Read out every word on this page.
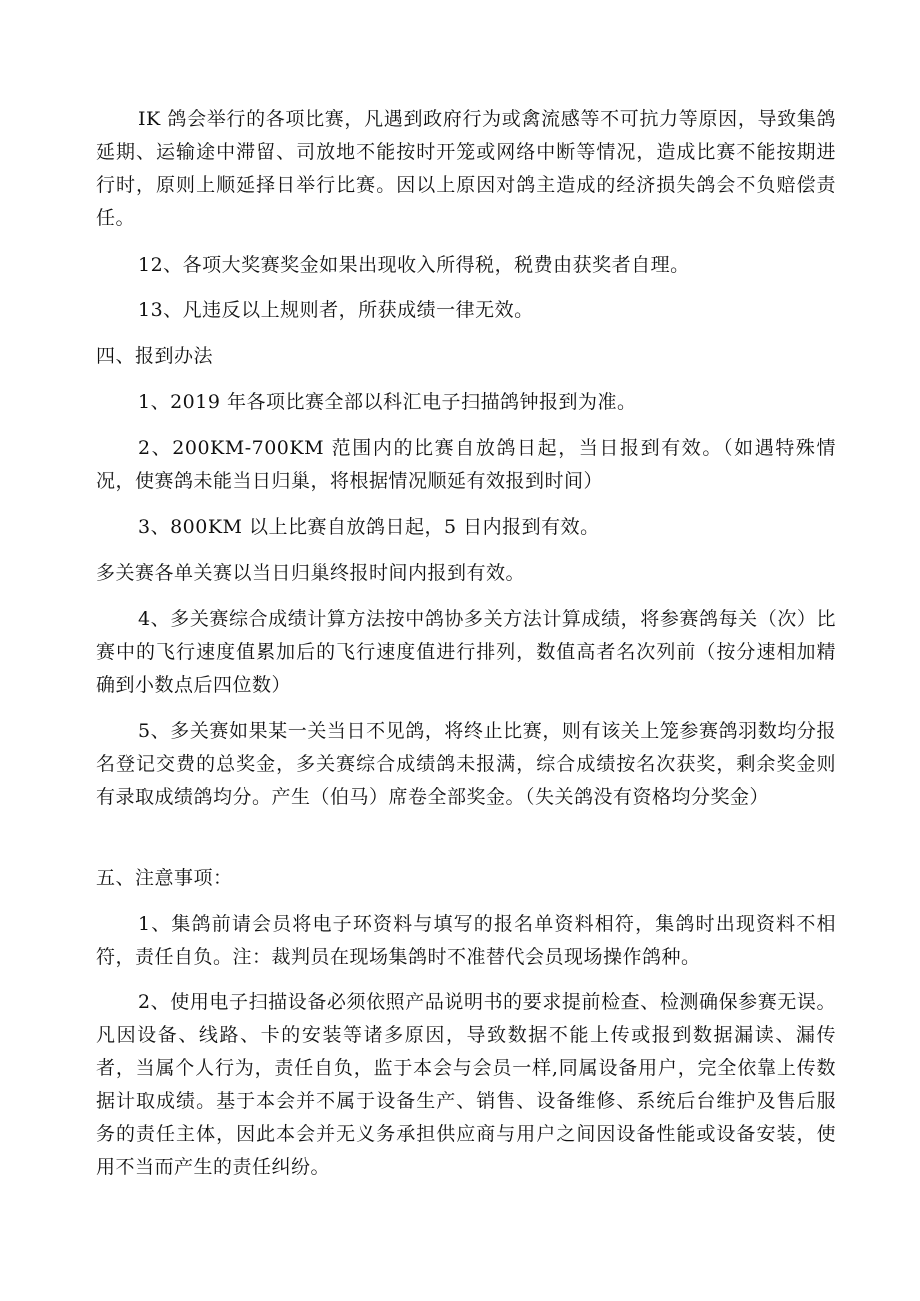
IK 鸽会举行的各项比赛，凡遇到政府行为或禽流感等不可抗力等原因，导致集鸽延期、运输途中滞留、司放地不能按时开笼或网络中断等情况，造成比赛不能按期进行时，原则上顺延择日举行比赛。因以上原因对鸽主造成的经济损失鸽会不负赔偿责任。

12、各项大奖赛奖金如果出现收入所得税，税费由获奖者自理。

13、凡违反以上规则者，所获成绩一律无效。

四、报到办法

1、2019 年各项比赛全部以科汇电子扫描鸽钟报到为准。

2、200KM-700KM 范围内的比赛自放鸽日起，当日报到有效。（如遇特殊情况，使赛鸽未能当日归巢，将根据情况顺延有效报到时间）

3、800KM 以上比赛自放鸽日起，5 日内报到有效。

多关赛各单关赛以当日归巢终报时间内报到有效。

4、多关赛综合成绩计算方法按中鸽协多关方法计算成绩，将参赛鸽每关（次）比赛中的飞行速度值累加后的飞行速度值进行排列，数值高者名次列前（按分速相加精确到小数点后四位数）

5、多关赛如果某一关当日不见鸽，将终止比赛，则有该关上笼参赛鸽羽数均分报名登记交费的总奖金，多关赛综合成绩鸽未报满，综合成绩按名次获奖，剩余奖金则有录取成绩鸽均分。产生（伯马）席卷全部奖金。（失关鸽没有资格均分奖金）

五、注意事项：

1、集鸽前请会员将电子环资料与填写的报名单资料相符，集鸽时出现资料不相符，责任自负。注：裁判员在现场集鸽时不准替代会员现场操作鸽种。

2、使用电子扫描设备必须依照产品说明书的要求提前检查、检测确保参赛无误。凡因设备、线路、卡的安装等诸多原因，导致数据不能上传或报到数据漏读、漏传者，当属个人行为，责任自负，监于本会与会员一样,同属设备用户，完全依靠上传数据计取成绩。基于本会并不属于设备生产、销售、设备维修、系统后台维护及售后服务的责任主体，因此本会并无义务承担供应商与用户之间因设备性能或设备安装，使用不当而产生的责任纠纷。
